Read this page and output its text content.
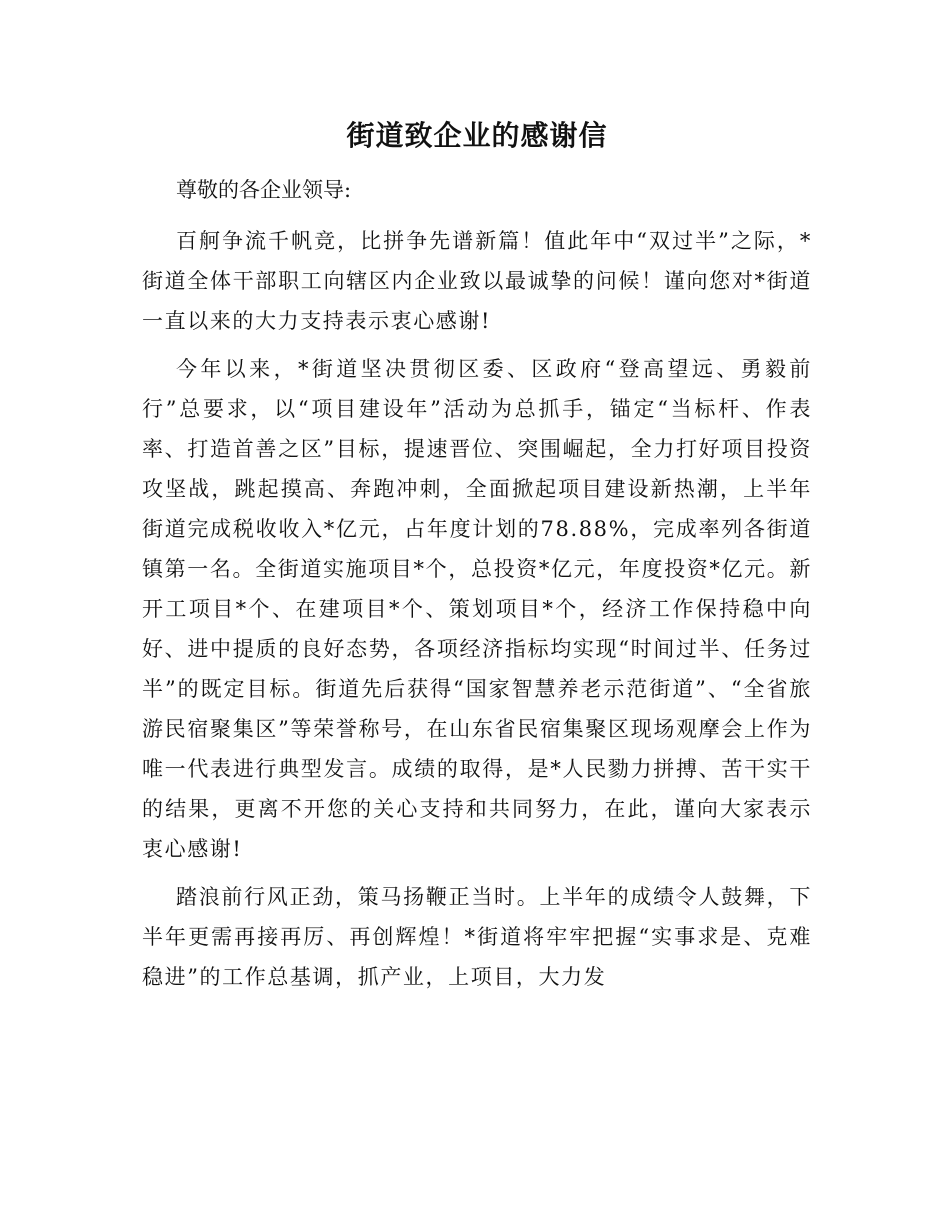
街道致企业的感谢信

尊敬的各企业领导:

百舸争流千帆竞，比拼争先谱新篇！值此年中“双过半”之际，*街道全体干部职工向辖区内企业致以最诚挚的问候！谨向您对*街道一直以来的大力支持表示衷心感谢!

今年以来，*街道坚决贯彻区委、区政府“登高望远、勇毅前行”总要求，以“项目建设年”活动为总抓手，锚定“当标杆、作表率、打造首善之区”目标，提速晋位、突围崛起，全力打好项目投资攻坚战，跳起摸高、奔跑冲刺，全面掀起项目建设新热潮，上半年街道完成税收收入*亿元，占年度计划的78.88%，完成率列各街道镇第一名。全街道实施项目*个，总投资*亿元，年度投资*亿元。新开工项目*个、在建项目*个、策划项目*个，经济工作保持稳中向好、进中提质的良好态势，各项经济指标均实现“时间过半、任务过半”的既定目标。街道先后获得“国家智慧养老示范街道”、“全省旅游民宿聚集区”等荣誉称号，在山东省民宿集聚区现场观摩会上作为唯一代表进行典型发言。成绩的取得，是*人民勠力拼搏、苦干实干的结果，更离不开您的关心支持和共同努力，在此，谨向大家表示衷心感谢!

踏浪前行风正劲，策马扬鞭正当时。上半年的成绩令人鼓舞，下半年更需再接再厉、再创辉煌！*街道将牢牢把握“实事求是、克难稳进”的工作总基调，抓产业，上项目，大力发
